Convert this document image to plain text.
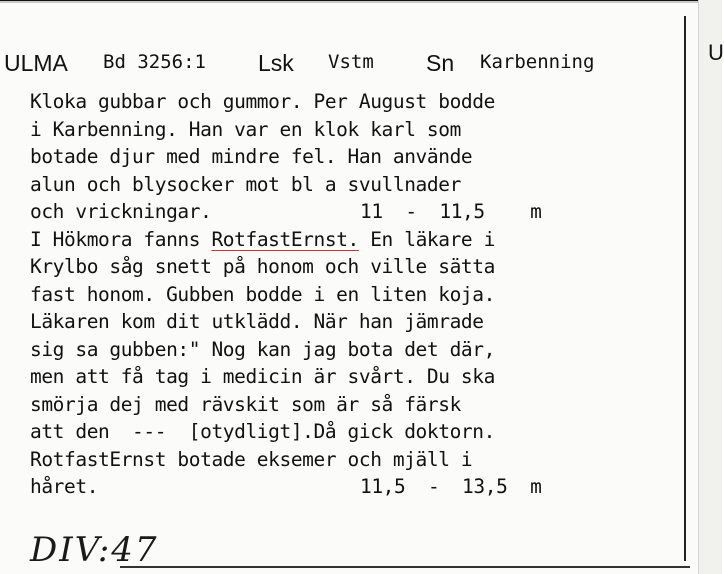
U
ULMA Bd 3256:1 Lsk Vstm Sn Karbenning
Kloka gubbar och gummor. Per August bodde
i Karbenning. Han var en klok karl som
botade djur med mindre fel. Han använde
alun och blysocker mot bl a svullnader
och vrickningar.	11  -  11,5    m
I Hökmora fanns RotfastErnst. En läkare i
Krylbo såg snett på honom och ville sätta
fast honom. Gubben bodde i en liten koja.
Läkaren kom dit utklädd. När han jämrade
sig sa gubben:" Nog kan jag bota det där,
men att få tag i medicin är svårt. Du ska
smörja dej med rävskit som är så färsk
att den  ---  [otydligt].Då gick doktorn.
RotfastErnst botade eksemer och mjäll i
håret.	11,5  -  13,5  m
DIV:47
